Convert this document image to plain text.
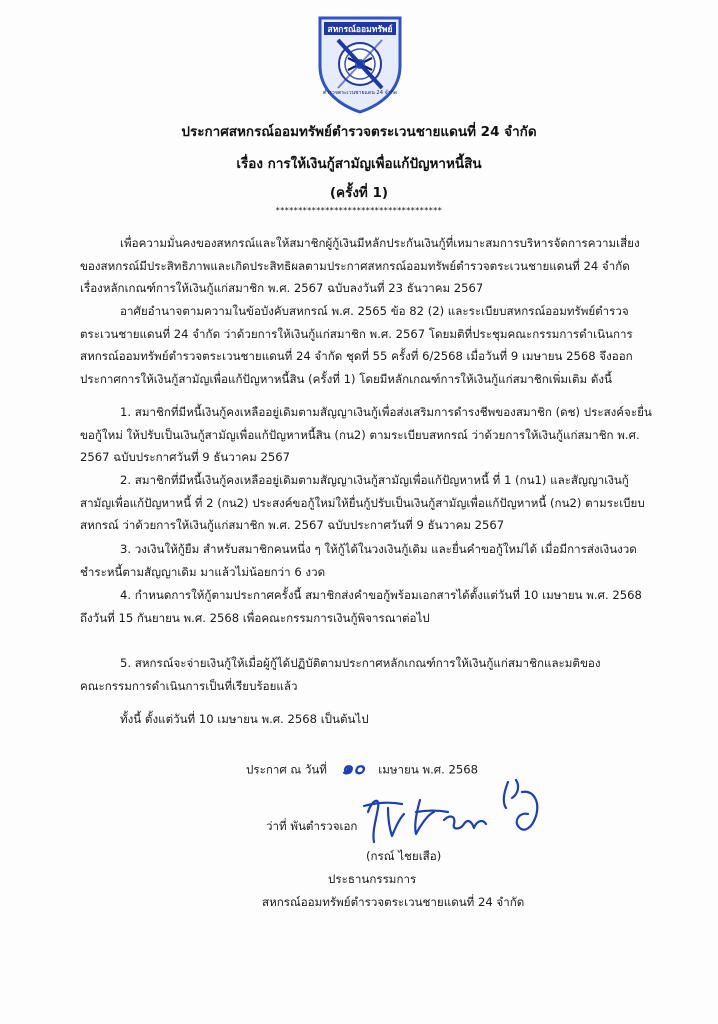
สหกรณ์ออมทรัพย์
ตำรวจตระเวนชายแดน 24 จำกัด
ประกาศสหกรณ์ออมทรัพย์ตำรวจตระเวนชายแดนที่ 24 จำกัด
เรื่อง การให้เงินกู้สามัญเพื่อแก้ปัญหาหนี้สิน
(ครั้งที่ 1)
*************************************
เพื่อความมั่นคงของสหกรณ์และให้สมาชิกผู้กู้เงินมีหลักประกันเงินกู้ที่เหมาะสมการบริหารจัดการความเสี่ยง
ของสหกรณ์มีประสิทธิภาพและเกิดประสิทธิผลตามประกาศสหกรณ์ออมทรัพย์ตำรวจตระเวนชายแดนที่ 24 จำกัด
เรื่องหลักเกณฑ์การให้เงินกู้แก่สมาชิก พ.ศ. 2567 ฉบับลงวันที่ 23 ธันวาคม 2567
อาศัยอำนาจตามความในข้อบังคับสหกรณ์ พ.ศ. 2565 ข้อ 82 (2) และระเบียบสหกรณ์ออมทรัพย์ตำรวจ
ตระเวนชายแดนที่ 24 จำกัด ว่าด้วยการให้เงินกู้แก่สมาชิก พ.ศ. 2567 โดยมติที่ประชุมคณะกรรมการดำเนินการ
สหกรณ์ออมทรัพย์ตำรวจตระเวนชายแดนที่ 24 จำกัด ชุดที่ 55 ครั้งที่ 6/2568 เมื่อวันที่ 9 เมษายน 2568 จึงออก
ประกาศการให้เงินกู้สามัญเพื่อแก้ปัญหาหนี้สิน (ครั้งที่ 1) โดยมีหลักเกณฑ์การให้เงินกู้แก่สมาชิกเพิ่มเติม ดังนี้
1. สมาชิกที่มีหนี้เงินกู้คงเหลืออยู่เดิมตามสัญญาเงินกู้เพื่อส่งเสริมการดำรงชีพของสมาชิก (ดช) ประสงค์จะยื่น
ขอกู้ใหม่ ให้ปรับเป็นเงินกู้สามัญเพื่อแก้ปัญหาหนี้สิน (กน2) ตามระเบียบสหกรณ์ ว่าด้วยการให้เงินกู้แก่สมาชิก พ.ศ.
2567 ฉบับประกาศวันที่ 9 ธันวาคม 2567
2. สมาชิกที่มีหนี้เงินกู้คงเหลืออยู่เดิมตามสัญญาเงินกู้สามัญเพื่อแก้ปัญหาหนี้ ที่ 1 (กน1) และสัญญาเงินกู้
สามัญเพื่อแก้ปัญหาหนี้ ที่ 2 (กน2) ประสงค์ขอกู้ใหม่ให้ยื่นกู้ปรับเป็นเงินกู้สามัญเพื่อแก้ปัญหาหนี้ (กน2) ตามระเบียบ
สหกรณ์ ว่าด้วยการให้เงินกู้แก่สมาชิก พ.ศ. 2567 ฉบับประกาศวันที่ 9 ธันวาคม 2567
3. วงเงินให้กู้ยืม สำหรับสมาชิกคนหนึ่ง ๆ ให้กู้ได้ในวงเงินกู้เดิม และยื่นคำขอกู้ใหม่ได้ เมื่อมีการส่งเงินงวด
ชำระหนี้ตามสัญญาเดิม มาแล้วไม่น้อยกว่า 6 งวด
4. กำหนดการให้กู้ตามประกาศครั้งนี้ สมาชิกส่งคำขอกู้พร้อมเอกสารได้ตั้งแต่วันที่ 10 เมษายน พ.ศ. 2568
ถึงวันที่ 15 กันยายน พ.ศ. 2568 เพื่อคณะกรรมการเงินกู้พิจารณาต่อไป
5. สหกรณ์จะจ่ายเงินกู้ให้เมื่อผู้กู้ได้ปฏิบัติตามประกาศหลักเกณฑ์การให้เงินกู้แก่สมาชิกและมติของ
คณะกรรมการดำเนินการเป็นที่เรียบร้อยแล้ว
ทั้งนี้ ตั้งแต่วันที่ 10 เมษายน พ.ศ. 2568 เป็นต้นไป
ประกาศ ณ วันที่ ๑๐ เมษายน พ.ศ. 2568
ว่าที่ พันตำรวจเอก
(กรณ์ ไชยเสือ)
ประธานกรรมการ
สหกรณ์ออมทรัพย์ตำรวจตระเวนชายแดนที่ 24 จำกัด
